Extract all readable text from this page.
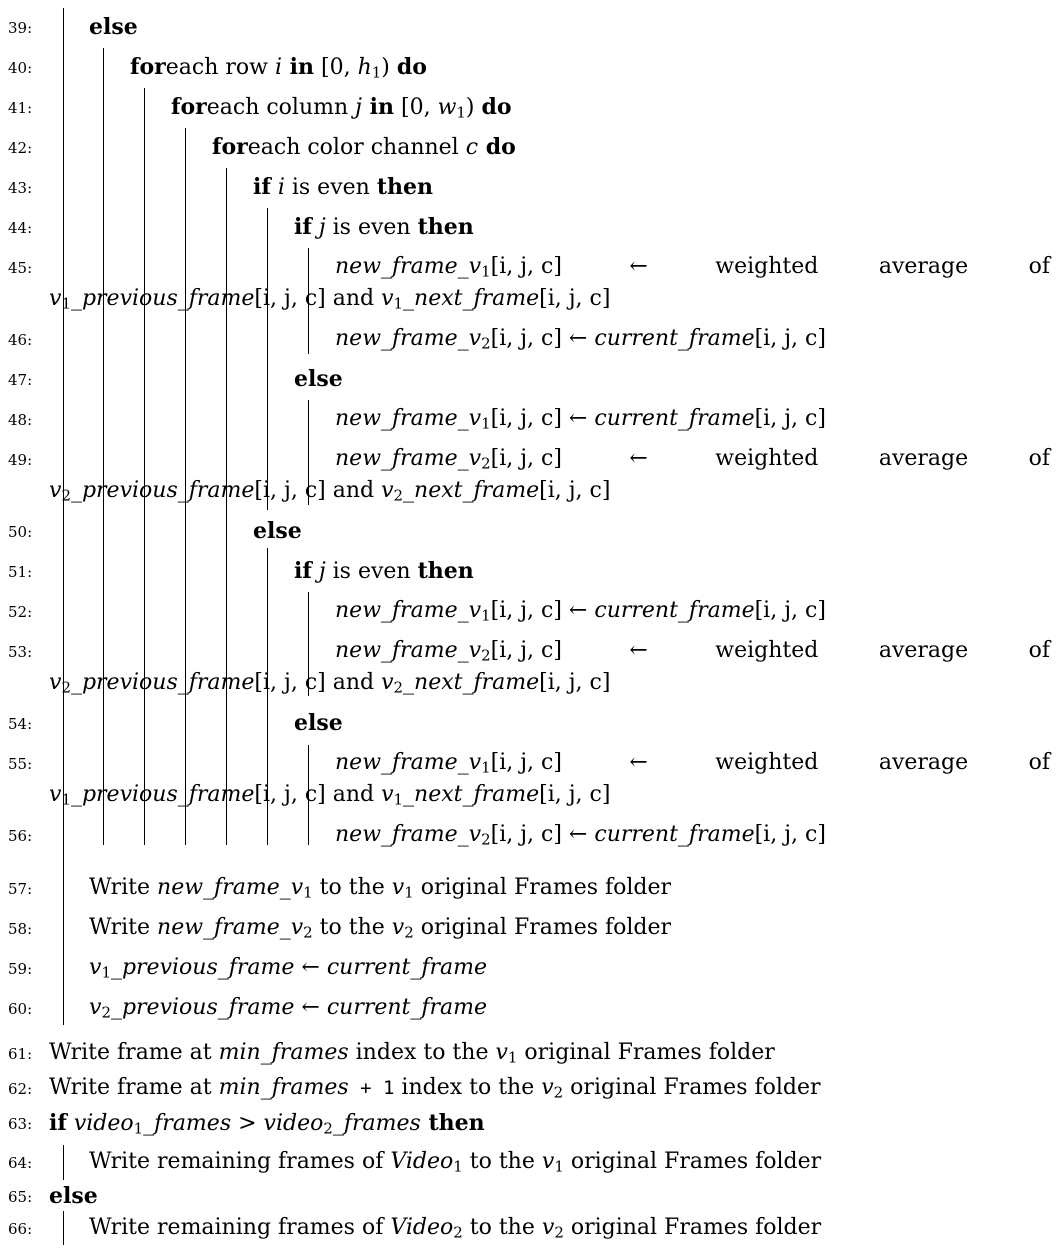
39:	else
40:	foreach row i in [0, $h_1$) do
41:	foreach column j in [0, $w_1$) do
42:	foreach color channel c do
43:	if i is even then
44:	if j is even then
45:	$new\_frame\_v_1[i$, j, c]	←	weighted	average	of
$v_1\_previous\_frame[i$, j, c] and $v_1\_next\_frame[i$, j, c]
46:	$new\_frame\_v_2[i$, j, c] ← current_frame[i, j, c]
47:	else
48:	$new\_frame\_v_1[i$, j, c] ← current_frame[i, j, c]
49:	$new\_frame\_v_2[i$, j, c]	←	weighted	average	of
$v_2\_previous\_frame[i$, j, c] and $v_2\_next\_frame[i$, j, c]
50:	else
51:	if j is even then
52:	$new\_frame\_v_1[i$, j, c] ← current_frame[i, j, c]
53:	$new\_frame\_v_2[i$, j, c]	←	weighted	average	of
$v_2\_previous\_frame[i$, j, c] and $v_2\_next\_frame[i$, j, c]
54:	else
55:	$new\_frame\_v_1[i$, j, c]	←	weighted	average	of
$v_1\_previous\_frame[i$, j, c] and $v_1\_next\_frame[i$, j, c]
56:	$new\_frame\_v_2[i$, j, c] ← current_frame[i, j, c]
57:	Write $new\_frame\_v_1$ to the $v_1$ original Frames folder
58:	Write $new\_frame\_v_2$ to the $v_2$ original Frames folder
59:	$v_1\_previous\_frame$ ← current_frame
60:	$v_2\_previous\_frame$ ← current_frame
61: Write frame at min_frames index to the $v_1$ original Frames folder
62: Write frame at min_frames + 1 index to the $v_2$ original Frames folder
63: if video$_1$_frames > video$_2$_frames then
64:	Write remaining frames of Video$_1$ to the $v_1$ original Frames folder
65: else
66:	Write remaining frames of Video$_2$ to the $v_2$ original Frames folder
